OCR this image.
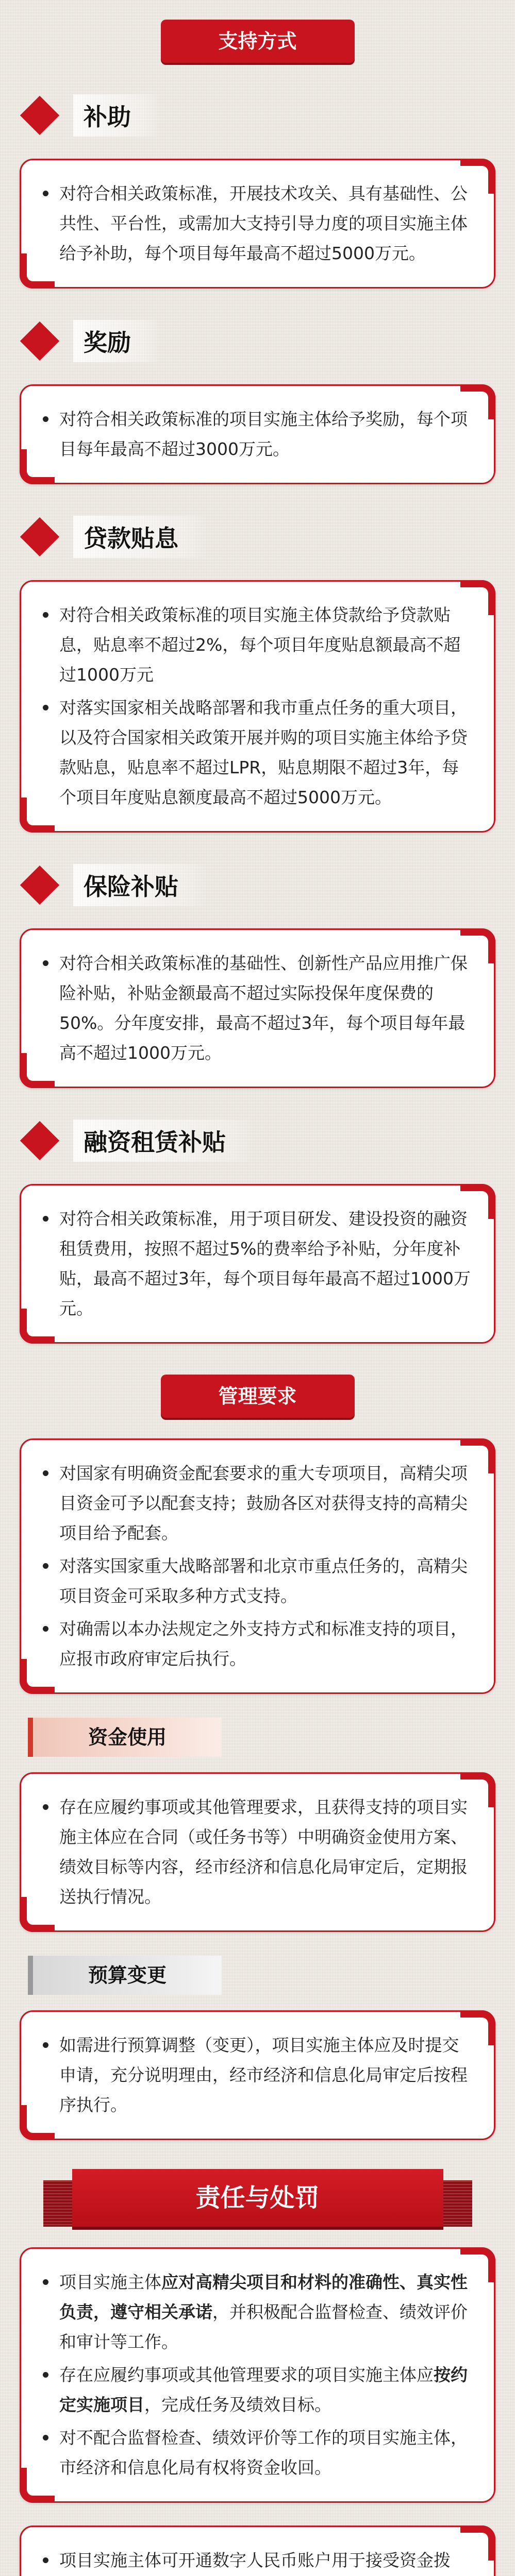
支持方式
补助
对符合相关政策标准，开展技术攻关、具有基础性、公共性、平台性，或需加大支持引导力度的项目实施主体给予补助，每个项目每年最高不超过5000万元。
奖励
对符合相关政策标准的项目实施主体给予奖励，每个项目每年最高不超过3000万元。
贷款贴息
对符合相关政策标准的项目实施主体贷款给予贷款贴息，贴息率不超过2%，每个项目年度贴息额最高不超过1000万元
对落实国家相关战略部署和我市重点任务的重大项目，以及符合国家相关政策开展并购的项目实施主体给予贷款贴息，贴息率不超过LPR，贴息期限不超过3年，每个项目年度贴息额度最高不超过5000万元。
保险补贴
对符合相关政策标准的基础性、创新性产品应用推广保险补贴，补贴金额最高不超过实际投保年度保费的50%。分年度安排，最高不超过3年，每个项目每年最高不超过1000万元。
融资租赁补贴
对符合相关政策标准，用于项目研发、建设投资的融资租赁费用，按照不超过5%的费率给予补贴，分年度补贴，最高不超过3年，每个项目每年最高不超过1000万元。
管理要求
对国家有明确资金配套要求的重大专项项目，高精尖项目资金可予以配套支持；鼓励各区对获得支持的高精尖项目给予配套。
对落实国家重大战略部署和北京市重点任务的，高精尖项目资金可采取多种方式支持。
对确需以本办法规定之外支持方式和标准支持的项目，应报市政府审定后执行。
资金使用
存在应履约事项或其他管理要求，且获得支持的项目实施主体应在合同（或任务书等）中明确资金使用方案、绩效目标等内容，经市经济和信息化局审定后，定期报送执行情况。
预算变更
如需进行预算调整（变更），项目实施主体应及时提交申请，充分说明理由，经市经济和信息化局审定后按程序执行。
责任与处罚
项目实施主体应对高精尖项目和材料的准确性、真实性负责，遵守相关承诺，并积极配合监督检查、绩效评价和审计等工作。
存在应履约事项或其他管理要求的项目实施主体应按约定实施项目，完成任务及绩效目标。
对不配合监督检查、绩效评价等工作的项目实施主体，市经济和信息化局有权将资金收回。
项目实施主体可开通数字人民币账户用于接受资金拨
